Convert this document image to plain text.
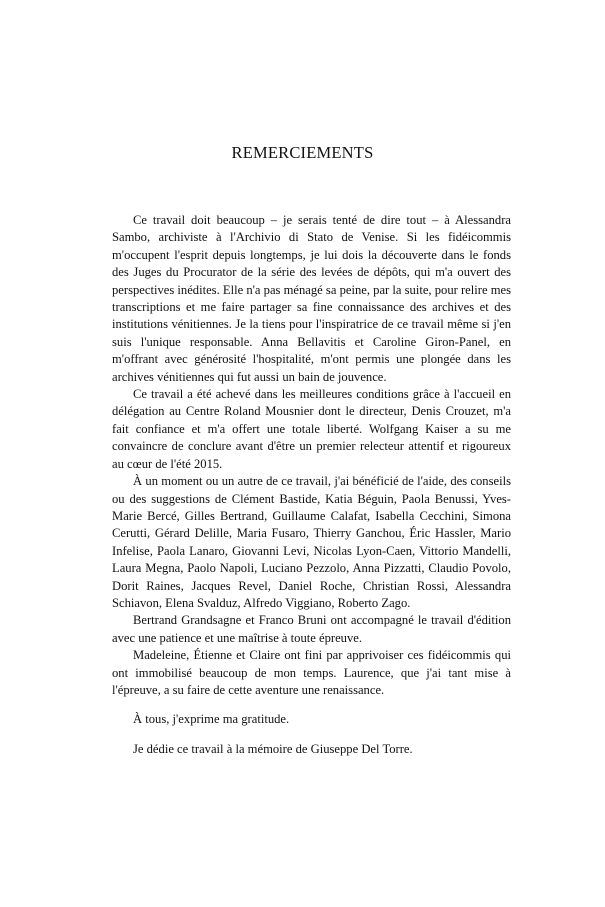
REMERCIEMENTS

Ce travail doit beaucoup – je serais tenté de dire tout – à Alessandra Sambo, archiviste à l'Archivio di Stato de Venise. Si les fidéicommis m'occupent l'esprit depuis longtemps, je lui dois la découverte dans le fonds des Juges du Procurator de la série des levées de dépôts, qui m'a ouvert des perspectives inédites. Elle n'a pas ménagé sa peine, par la suite, pour relire mes transcriptions et me faire partager sa fine connaissance des archives et des institutions vénitiennes. Je la tiens pour l'inspiratrice de ce travail même si j'en suis l'unique responsable. Anna Bellavitis et Caroline Giron-Panel, en m'offrant avec générosité l'hospitalité, m'ont permis une plongée dans les archives vénitiennes qui fut aussi un bain de jouvence.

Ce travail a été achevé dans les meilleures conditions grâce à l'accueil en délégation au Centre Roland Mousnier dont le directeur, Denis Crouzet, m'a fait confiance et m'a offert une totale liberté. Wolfgang Kaiser a su me convaincre de conclure avant d'être un premier relecteur attentif et rigoureux au cœur de l'été 2015.

À un moment ou un autre de ce travail, j'ai bénéficié de l'aide, des conseils ou des suggestions de Clément Bastide, Katia Béguin, Paola Benussi, Yves-Marie Bercé, Gilles Bertrand, Guillaume Calafat, Isabella Cecchini, Simona Cerutti, Gérard Delille, Maria Fusaro, Thierry Ganchou, Éric Hassler, Mario Infelise, Paola Lanaro, Giovanni Levi, Nicolas Lyon-Caen, Vittorio Mandelli, Laura Megna, Paolo Napoli, Luciano Pezzolo, Anna Pizzatti, Claudio Povolo, Dorit Raines, Jacques Revel, Daniel Roche, Christian Rossi, Alessandra Schiavon, Elena Svalduz, Alfredo Viggiano, Roberto Zago.

Bertrand Grandsagne et Franco Bruni ont accompagné le travail d'édition avec une patience et une maîtrise à toute épreuve.

Madeleine, Étienne et Claire ont fini par apprivoiser ces fidéicommis qui ont immobilisé beaucoup de mon temps. Laurence, que j'ai tant mise à l'épreuve, a su faire de cette aventure une renaissance.

À tous, j'exprime ma gratitude.

Je dédie ce travail à la mémoire de Giuseppe Del Torre.
